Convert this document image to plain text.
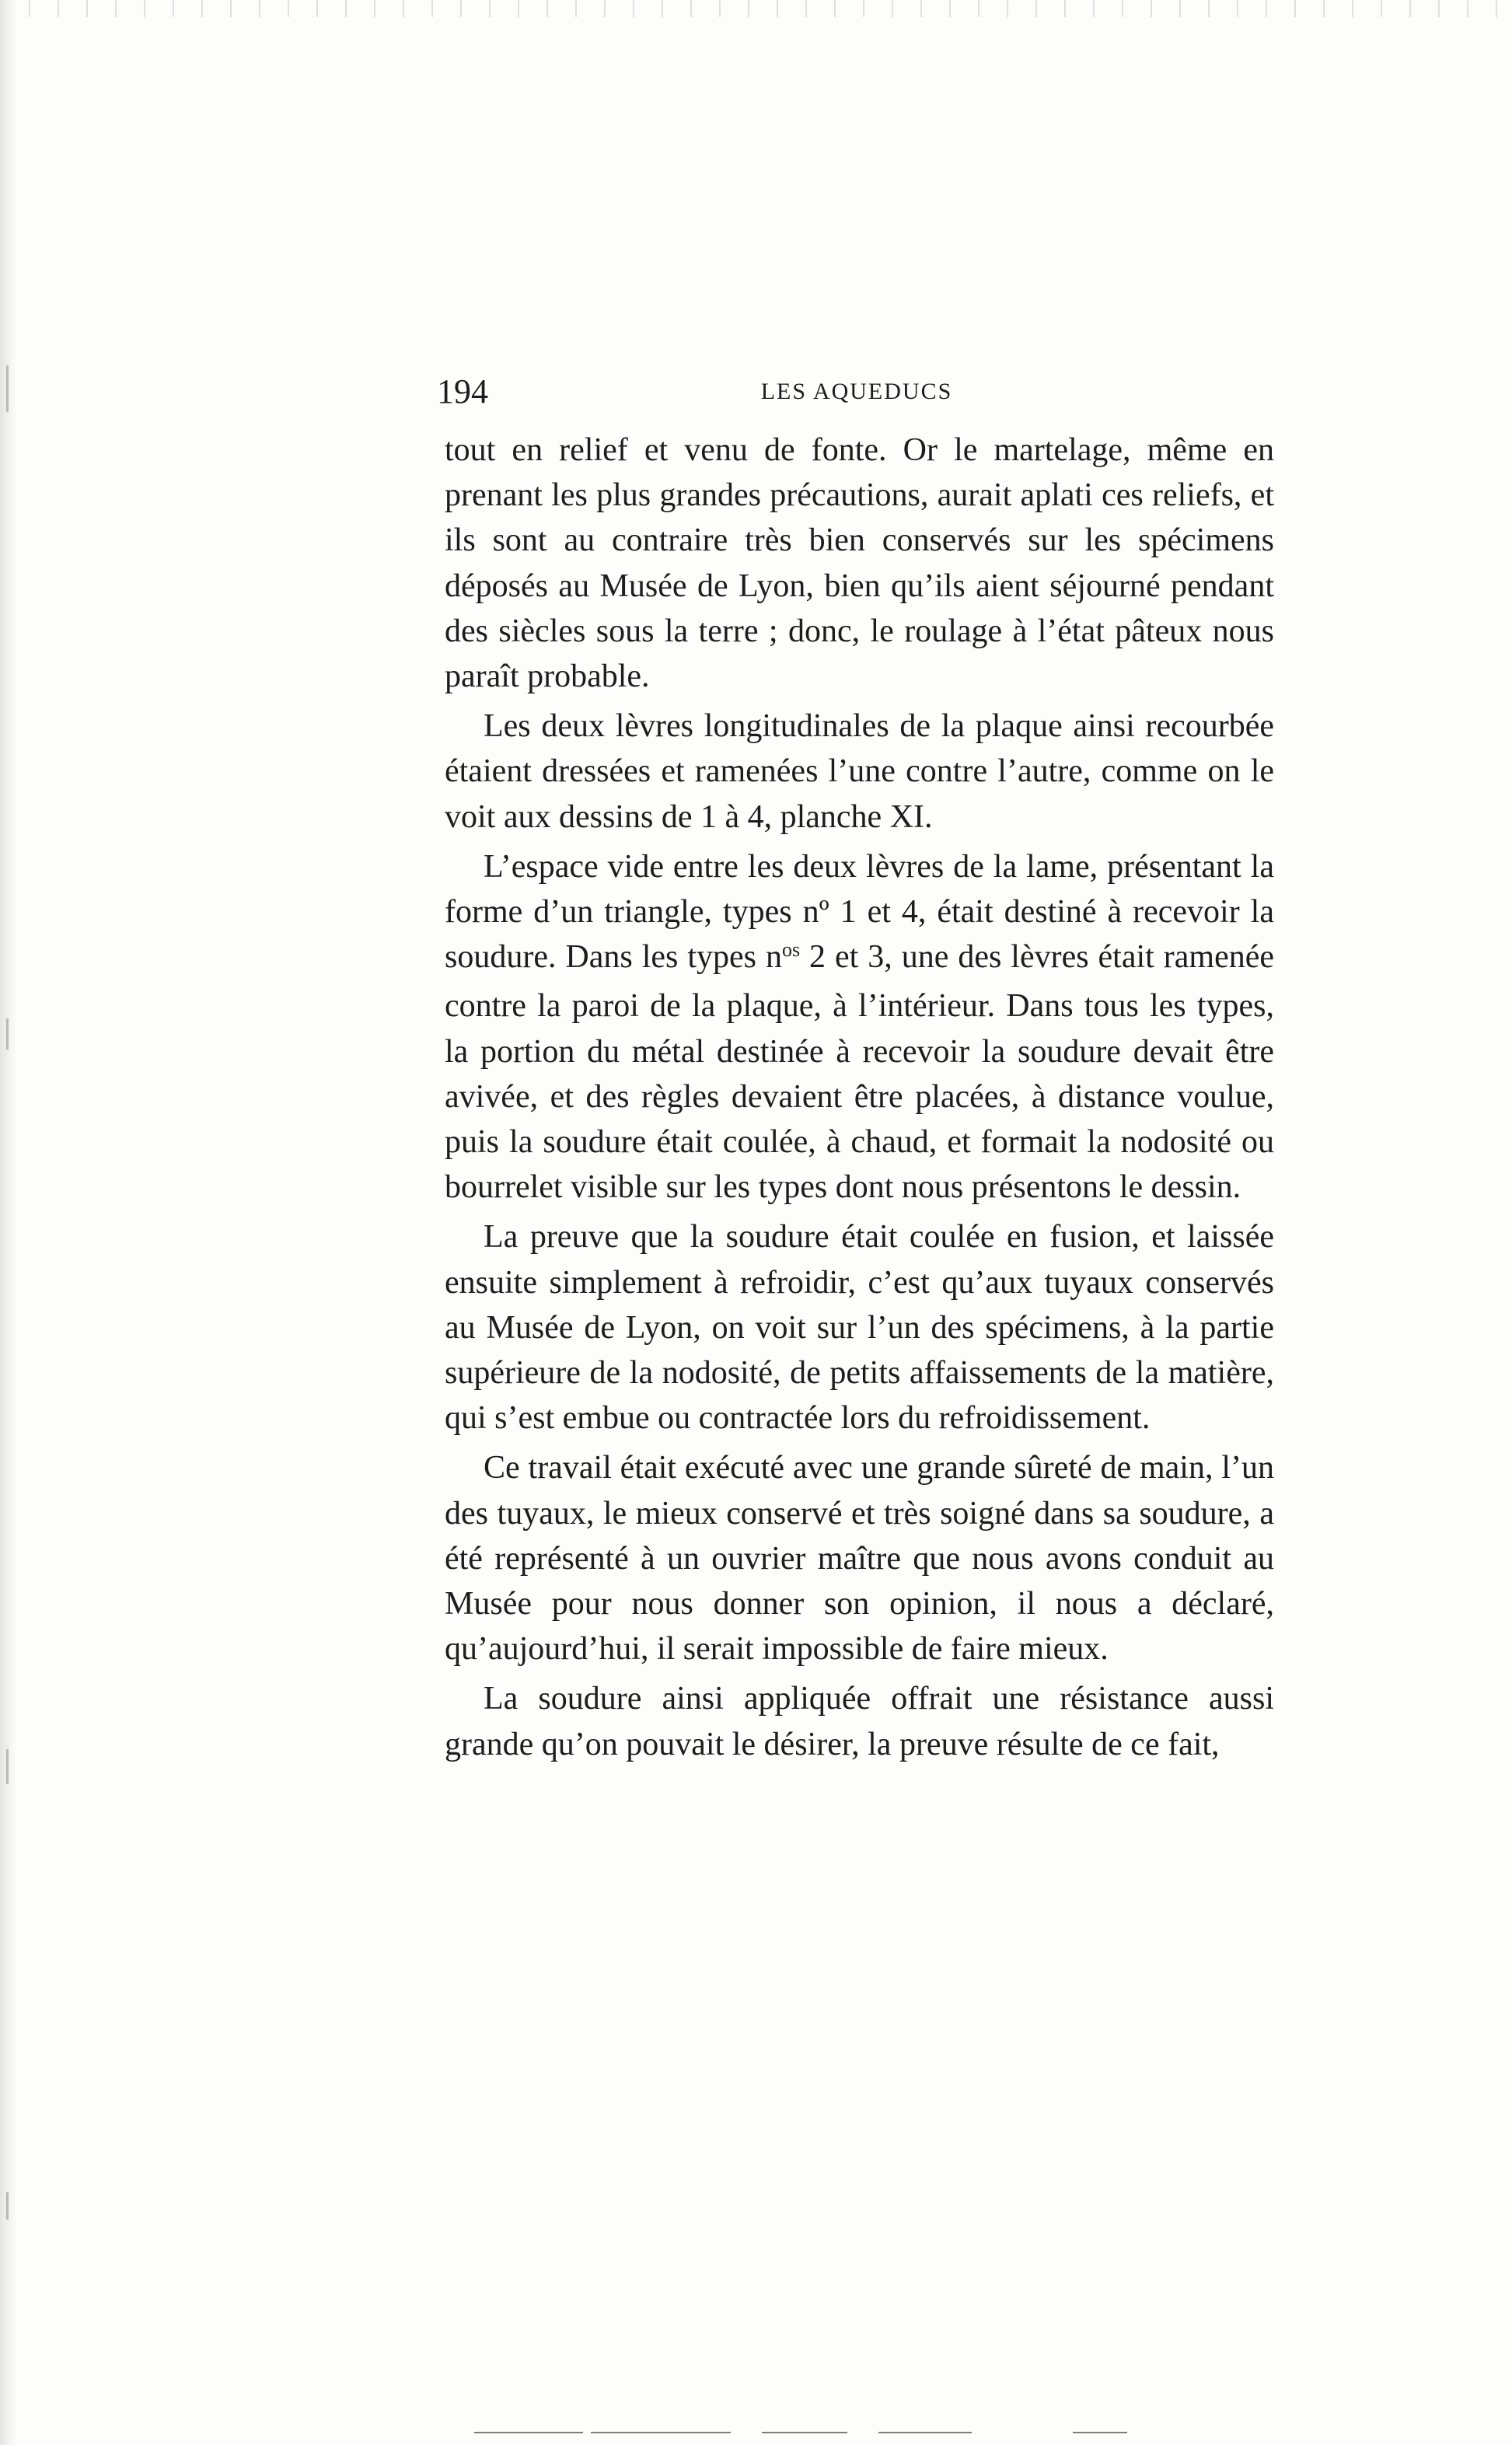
194	LES AQUEDUCS

tout en relief et venu de fonte. Or le martelage, même en prenant les plus grandes précautions, aurait aplati ces reliefs, et ils sont au contraire très bien conservés sur les spécimens déposés au Musée de Lyon, bien qu’ils aient séjourné pendant des siècles sous la terre ; donc, le roulage à l’état pâteux nous paraît probable.

Les deux lèvres longitudinales de la plaque ainsi recourbée étaient dressées et ramenées l’une contre l’autre, comme on le voit aux dessins de 1 à 4, planche XI.

L’espace vide entre les deux lèvres de la lame, présentant la forme d’un triangle, types nº 1 et 4, était destiné à recevoir la soudure. Dans les types $n^{os}$ 2 et 3, une des lèvres était ramenée contre la paroi de la plaque, à l’intérieur. Dans tous les types, la portion du métal destinée à recevoir la soudure devait être avivée, et des règles devaient être placées, à distance voulue, puis la soudure était coulée, à chaud, et formait la nodosité ou bourrelet visible sur les types dont nous présentons le dessin.

La preuve que la soudure était coulée en fusion, et laissée ensuite simplement à refroidir, c’est qu’aux tuyaux conservés au Musée de Lyon, on voit sur l’un des spécimens, à la partie supérieure de la nodosité, de petits affaissements de la matière, qui s’est embue ou contractée lors du refroidissement.

Ce travail était exécuté avec une grande sûreté de main, l’un des tuyaux, le mieux conservé et très soigné dans sa soudure, a été représenté à un ouvrier maître que nous avons conduit au Musée pour nous donner son opinion, il nous a déclaré, qu’aujourd’hui, il serait impossible de faire mieux.

La soudure ainsi appliquée offrait une résistance aussi grande qu’on pouvait le désirer, la preuve résulte de ce fait,
